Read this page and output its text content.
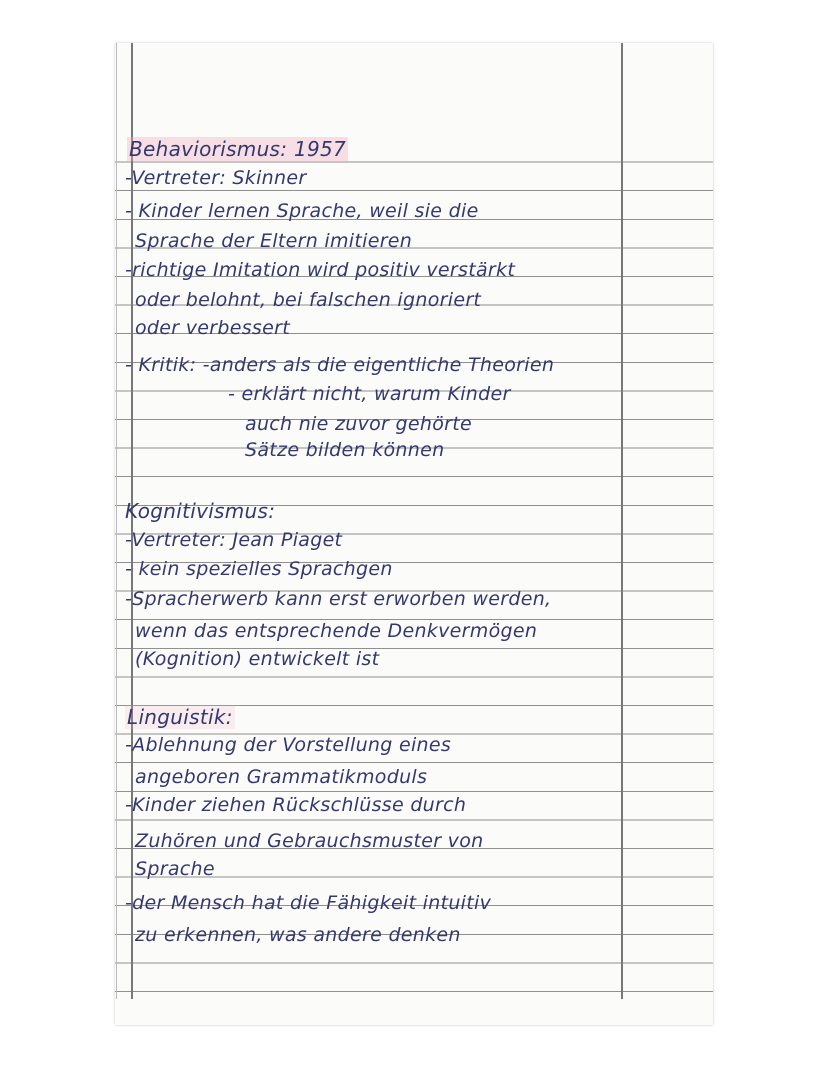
Behaviorismus: 1957
-Vertreter: Skinner
- Kinder lernen Sprache, weil sie die
Sprache der Eltern imitieren
-richtige Imitation wird positiv verstärkt
oder belohnt, bei falschen ignoriert
oder verbessert
- Kritik: -anders als die eigentliche Theorien
- erklärt nicht, warum Kinder
auch nie zuvor gehörte
Sätze bilden können
Kognitivismus:
-Vertreter: Jean Piaget
- kein spezielles Sprachgen
-Spracherwerb kann erst erworben werden,
wenn das entsprechende Denkvermögen
(Kognition) entwickelt ist
Linguistik:
-Ablehnung der Vorstellung eines
angeboren Grammatikmoduls
-Kinder ziehen Rückschlüsse durch
Zuhören und Gebrauchsmuster von
Sprache
-der Mensch hat die Fähigkeit intuitiv
zu erkennen, was andere denken
